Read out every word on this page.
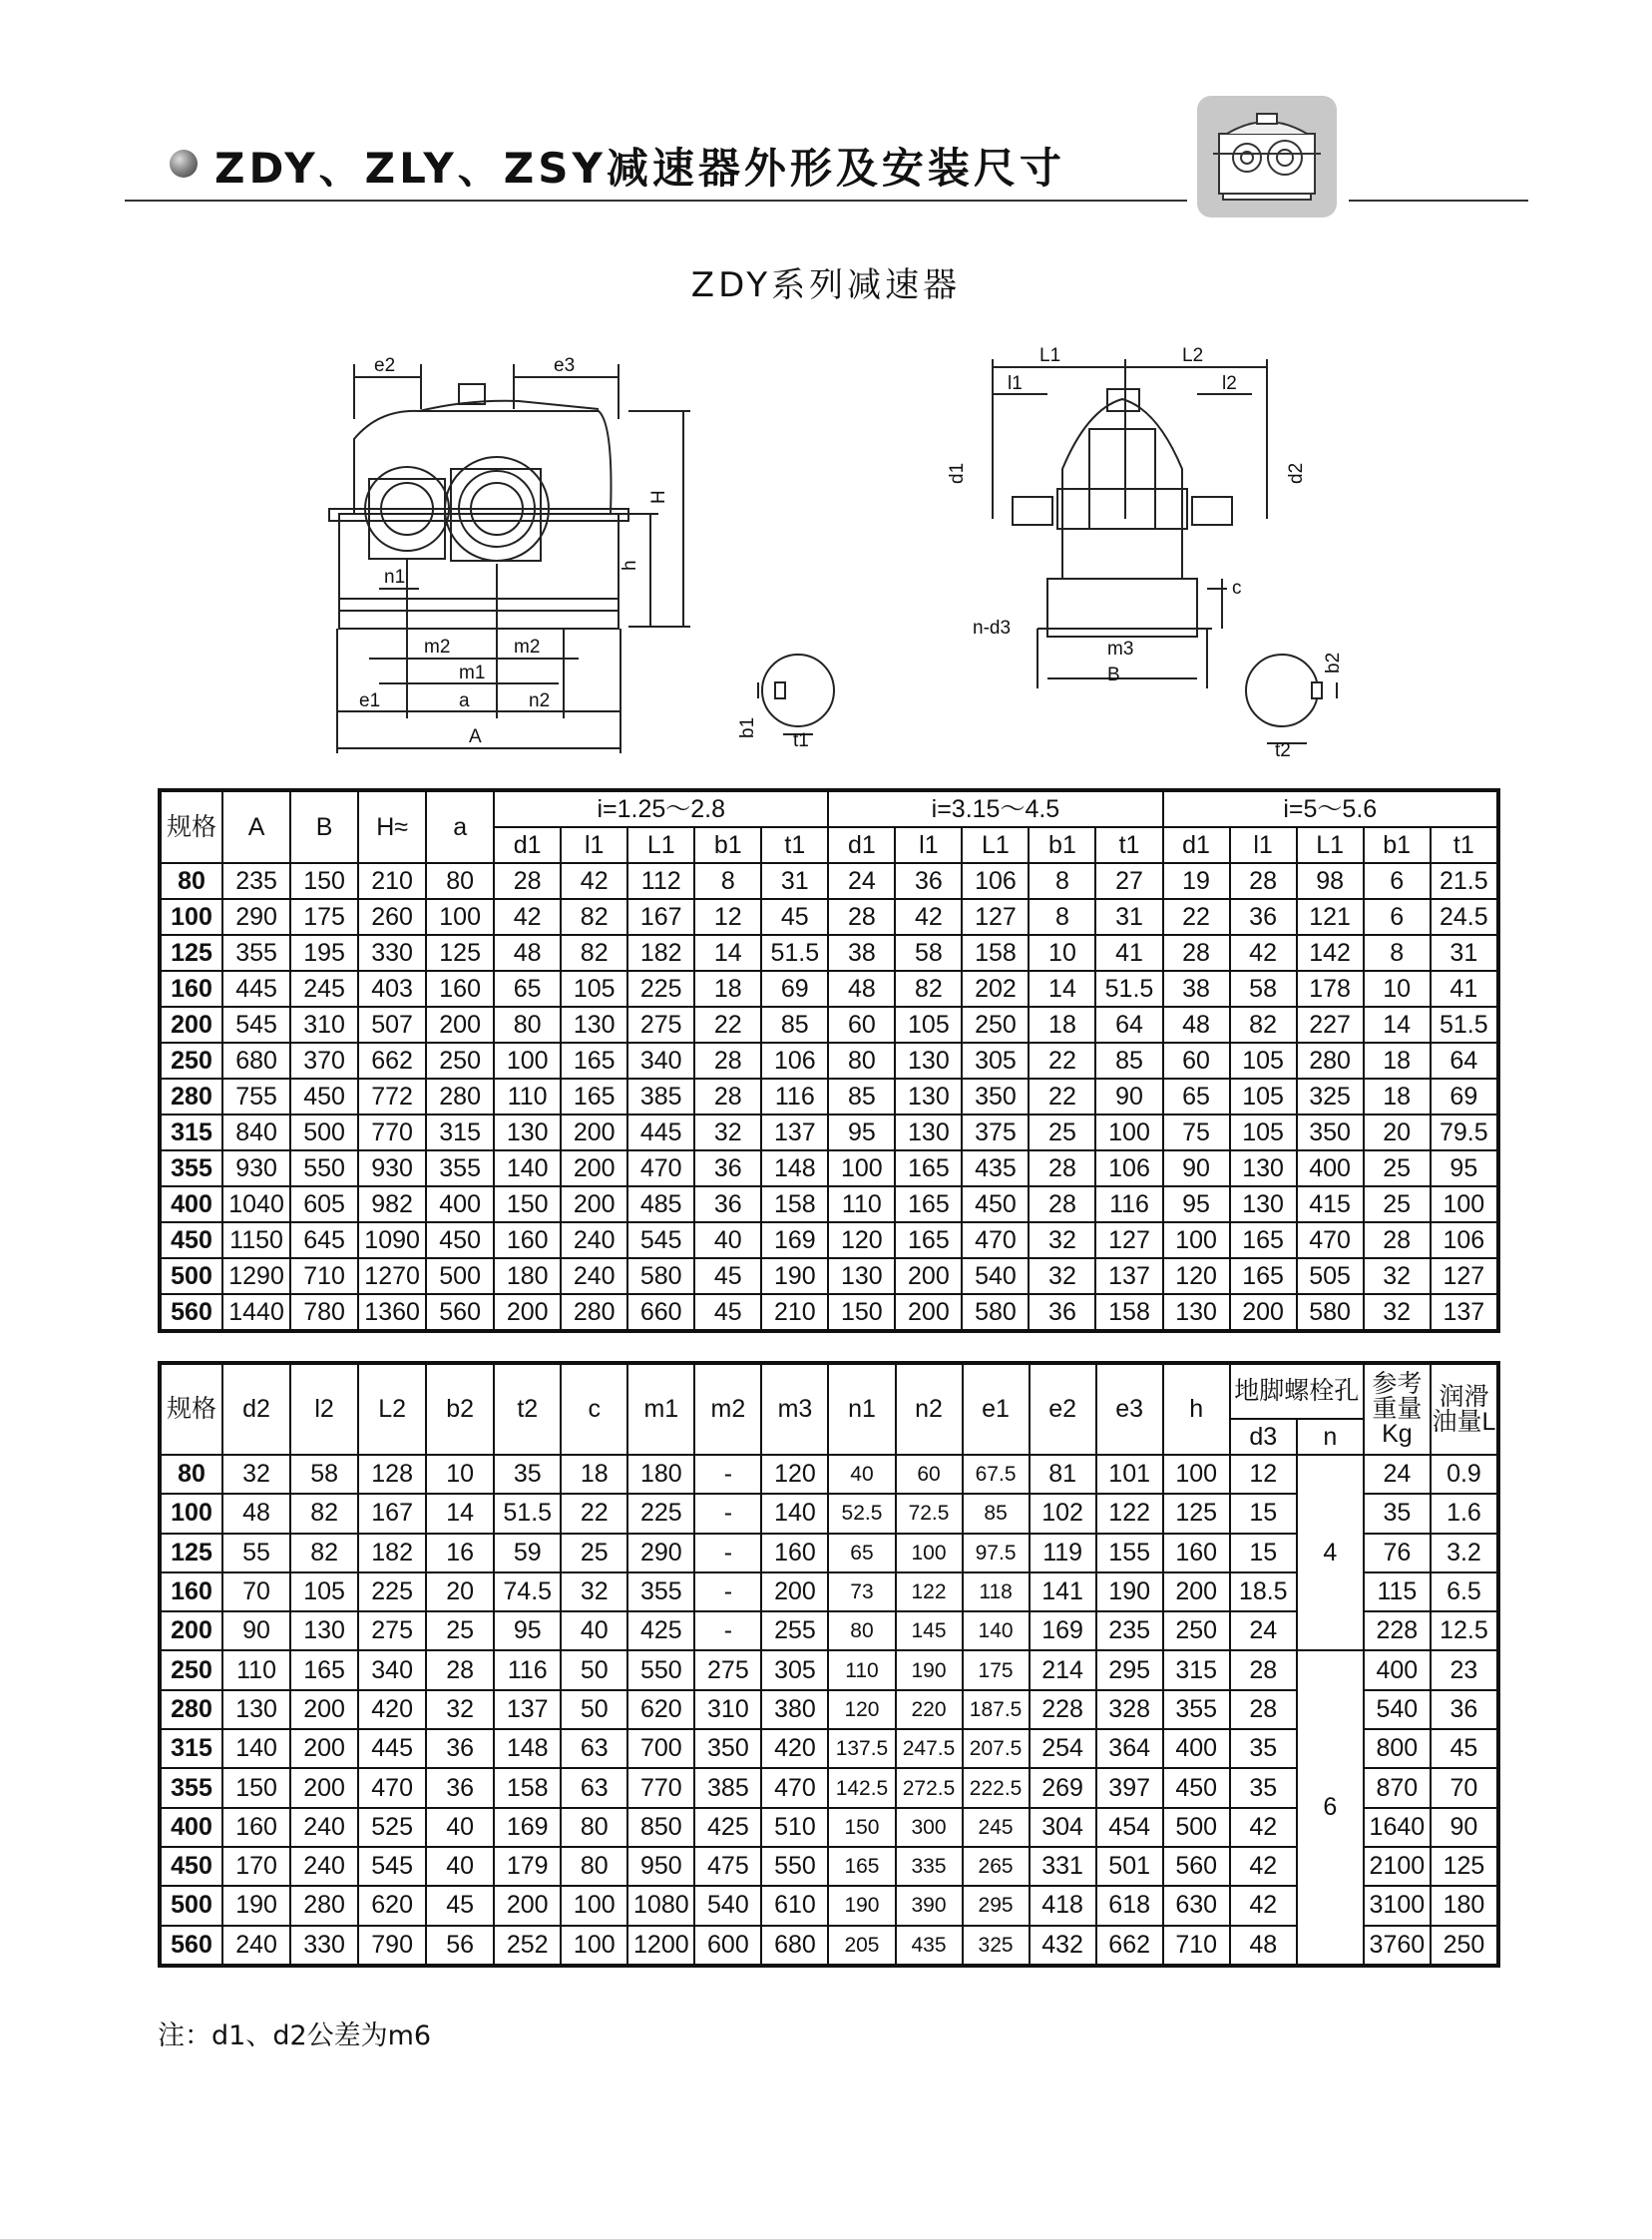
ZDY、ZLY、ZSY减速器外形及安装尺寸
ZDY系列减速器
e2	e3
H
h
n1
m2	m2
m1
e1	a	n2
A
L1	L2
l1	l2
d1	d2
c
n-d3
m3
B
b1
t1
b2
t2
规格	A	B	H≈	a	i=1.25～2.8					i=3.15～4.5					i=5～5.6				
					d1	l1	L1	b1	t1	d1	l1	L1	b1	t1	d1	l1	L1	b1	t1
80	235	150	210	80	28	42	112	8	31	24	36	106	8	27	19	28	98	6	21.5
100	290	175	260	100	42	82	167	12	45	28	42	127	8	31	22	36	121	6	24.5
125	355	195	330	125	48	82	182	14	51.5	38	58	158	10	41	28	42	142	8	31
160	445	245	403	160	65	105	225	18	69	48	82	202	14	51.5	38	58	178	10	41
200	545	310	507	200	80	130	275	22	85	60	105	250	18	64	48	82	227	14	51.5
250	680	370	662	250	100	165	340	28	106	80	130	305	22	85	60	105	280	18	64
280	755	450	772	280	110	165	385	28	116	85	130	350	22	90	65	105	325	18	69
315	840	500	770	315	130	200	445	32	137	95	130	375	25	100	75	105	350	20	79.5
355	930	550	930	355	140	200	470	36	148	100	165	435	28	106	90	130	400	25	95
400	1040	605	982	400	150	200	485	36	158	110	165	450	28	116	95	130	415	25	100
450	1150	645	1090	450	160	240	545	40	169	120	165	470	32	127	100	165	470	28	106
500	1290	710	1270	500	180	240	580	45	190	130	200	540	32	137	120	165	505	32	127
560	1440	780	1360	560	200	280	660	45	210	150	200	580	36	158	130	200	580	32	137
规格	d2	l2	L2	b2	t2	c	m1	m2	m3	n1	n2	e1	e2	e3	h	地脚螺栓孔		参考重量Kg	润滑油量L
																d3	n		
80	32	58	128	10	35	18	180	-	120	40	60	67.5	81	101	100	12	4	24	0.9
100	48	82	167	14	51.5	22	225	-	140	52.5	72.5	85	102	122	125	15		35	1.6
125	55	82	182	16	59	25	290	-	160	65	100	97.5	119	155	160	15		76	3.2
160	70	105	225	20	74.5	32	355	-	200	73	122	118	141	190	200	18.5		115	6.5
200	90	130	275	25	95	40	425	-	255	80	145	140	169	235	250	24		228	12.5
250	110	165	340	28	116	50	550	275	305	110	190	175	214	295	315	28	6	400	23
280	130	200	420	32	137	50	620	310	380	120	220	187.5	228	328	355	28		540	36
315	140	200	445	36	148	63	700	350	420	137.5	247.5	207.5	254	364	400	35		800	45
355	150	200	470	36	158	63	770	385	470	142.5	272.5	222.5	269	397	450	35		870	70
400	160	240	525	40	169	80	850	425	510	150	300	245	304	454	500	42		1640	90
450	170	240	545	40	179	80	950	475	550	165	335	265	331	501	560	42		2100	125
500	190	280	620	45	200	100	1080	540	610	190	390	295	418	618	630	42		3100	180
560	240	330	790	56	252	100	1200	600	680	205	435	325	432	662	710	48		3760	250
注：d1、d2公差为m6
